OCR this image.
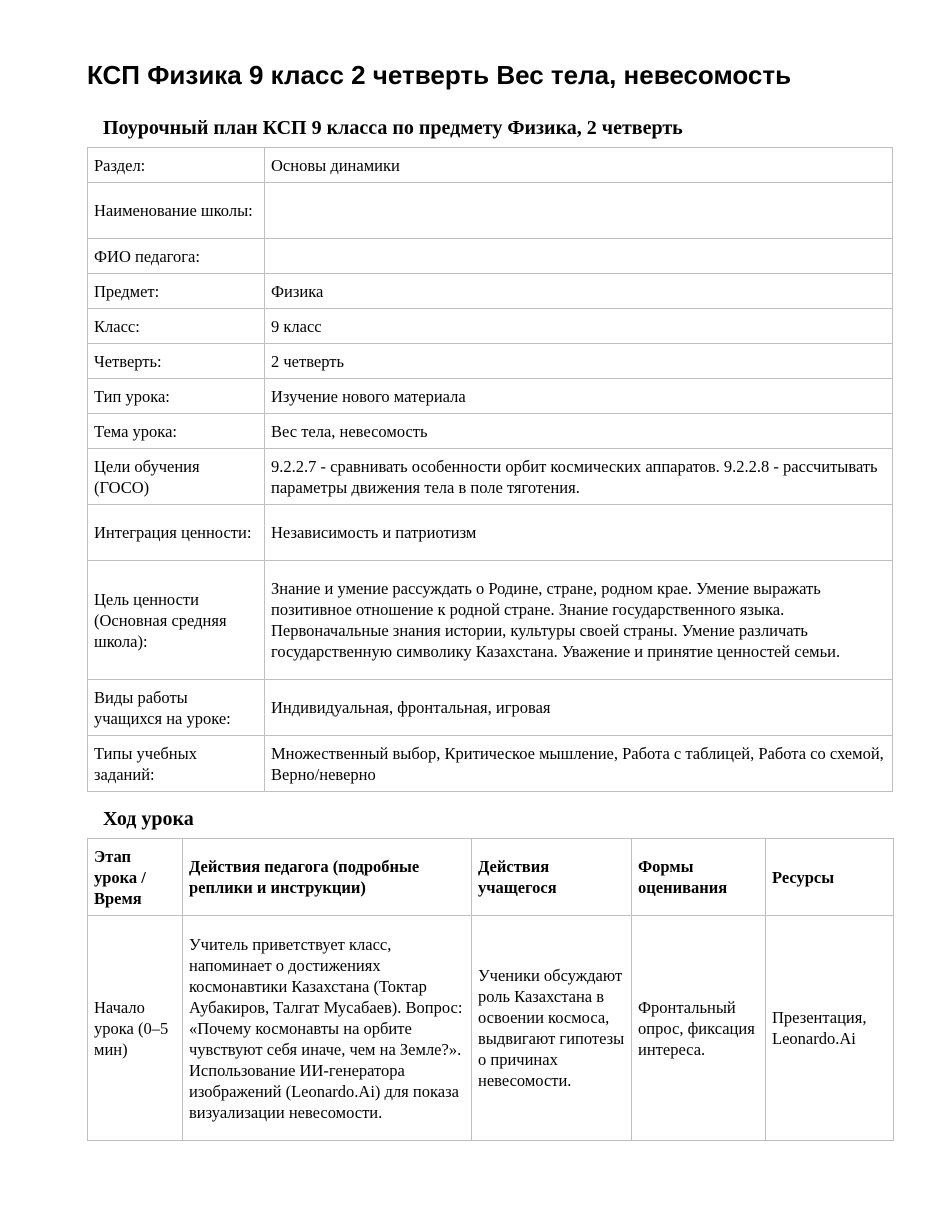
КСП Физика 9 класс 2 четверть Вес тела, невесомость
Поурочный план КСП 9 класса по предмету Физика, 2 четверть
Раздел:	Основы динамики
Наименование школы:	
ФИО педагога:	
Предмет:	Физика
Класс:	9 класс
Четверть:	2 четверть
Тип урока:	Изучение нового материала
Тема урока:	Вес тела, невесомость
Цели обучения (ГОСО)	9.2.2.7 - сравнивать особенности орбит космических аппаратов. 9.2.2.8 - рассчитывать параметры движения тела в поле тяготения.
Интеграция ценности:	Независимость и патриотизм
Цель ценности (Основная средняя школа):	Знание и умение рассуждать о Родине, стране, родном крае. Умение выражать позитивное отношение к родной стране. Знание государственного языка. Первоначальные знания истории, культуры своей страны. Умение различать государственную символику Казахстана. Уважение и принятие ценностей семьи.
Виды работы учащихся на уроке:	Индивидуальная, фронтальная, игровая
Типы учебных заданий:	Множественный выбор, Критическое мышление, Работа с таблицей, Работа со схемой, Верно/неверно
Ход урока
Этап урока / Время	Действия педагога (подробные реплики и инструкции)	Действия учащегося	Формы оценивания	Ресурсы
Начало урока (0–5 мин)	Учитель приветствует класс, напоминает о достижениях космонавтики Казахстана (Токтар Аубакиров, Талгат Мусабаев). Вопрос: «Почему космонавты на орбите чувствуют себя иначе, чем на Земле?». Использование ИИ-генератора изображений (Leonardo.Ai) для показа визуализации невесомости.	Ученики обсуждают роль Казахстана в освоении космоса, выдвигают гипотезы о причинах невесомости.	Фронтальный опрос, фиксация интереса.	Презентация, Leonardo.Ai
